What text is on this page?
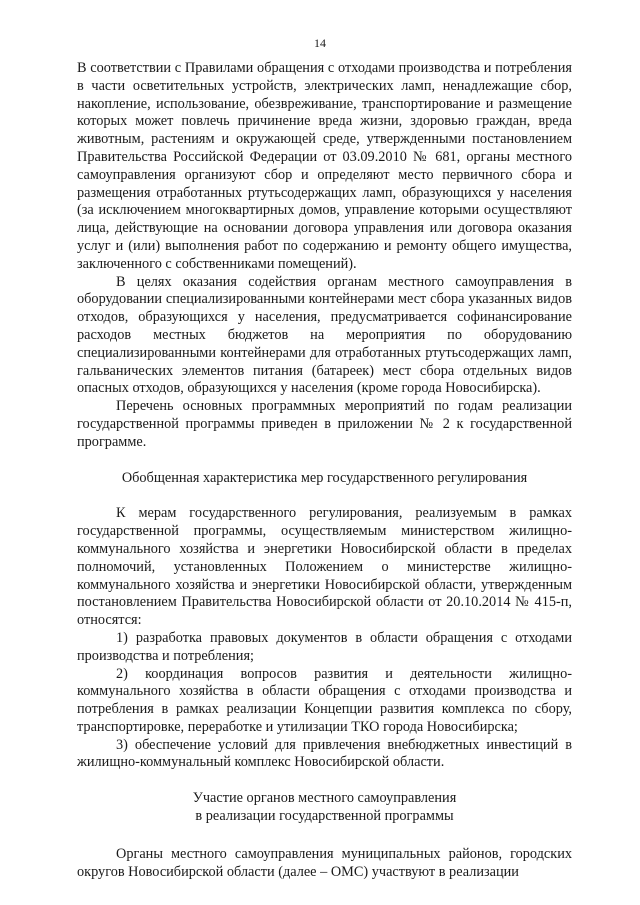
14

В соответствии с Правилами обращения с отходами производства и потребления в части осветительных устройств, электрических ламп, ненадлежащие сбор, накопление, использование, обезвреживание, транспортирование и размещение которых может повлечь причинение вреда жизни, здоровью граждан, вреда животным, растениям и окружающей среде, утвержденными постановлением Правительства Российской Федерации от 03.09.2010 № 681, органы местного самоуправления организуют сбор и определяют место первичного сбора и размещения отработанных ртутьсодержащих ламп, образующихся у населения (за исключением многоквартирных домов, управление которыми осуществляют лица, действующие на основании договора управления или договора оказания услуг и (или) выполнения работ по содержанию и ремонту общего имущества, заключенного с собственниками помещений).

В целях оказания содействия органам местного самоуправления в оборудовании специализированными контейнерами мест сбора указанных видов отходов, образующихся у населения, предусматривается софинансирование расходов местных бюджетов на мероприятия по оборудованию специализированными контейнерами для отработанных ртутьсодержащих ламп, гальванических элементов питания (батареек) мест сбора отдельных видов опасных отходов, образующихся у населения (кроме города Новосибирска).

Перечень основных программных мероприятий по годам реализации государственной программы приведен в приложении № 2 к государственной программе.

Обобщенная характеристика мер государственного регулирования

К мерам государственного регулирования, реализуемым в рамках государственной программы, осуществляемым министерством жилищно-коммунального хозяйства и энергетики Новосибирской области в пределах полномочий, установленных Положением о министерстве жилищно-коммунального хозяйства и энергетики Новосибирской области, утвержденным постановлением Правительства Новосибирской области от 20.10.2014 № 415-п, относятся:

1) разработка правовых документов в области обращения с отходами производства и потребления;

2) координация вопросов развития и деятельности жилищно-коммунального хозяйства в области обращения с отходами производства и потребления в рамках реализации Концепции развития комплекса по сбору, транспортировке, переработке и утилизации ТКО города Новосибирска;

3) обеспечение условий для привлечения внебюджетных инвестиций в жилищно-коммунальный комплекс Новосибирской области.

Участие органов местного самоуправления

в реализации государственной программы

Органы местного самоуправления муниципальных районов, городских округов Новосибирской области (далее – ОМС) участвуют в реализации
